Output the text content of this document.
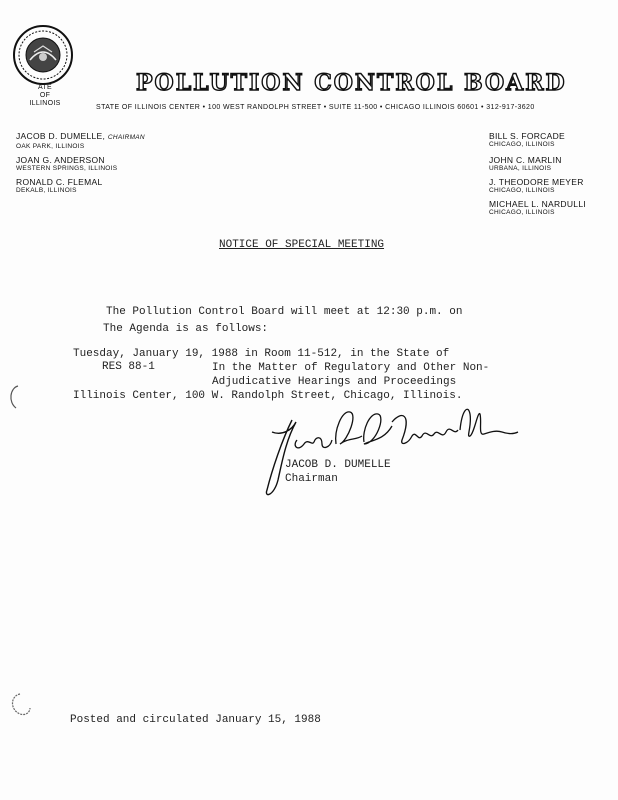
ATE
OF
ILLINOIS
POLLUTION CONTROL BOARD
STATE OF ILLINOIS CENTER • 100 WEST RANDOLPH STREET • SUITE 11-500 • CHICAGO ILLINOIS 60601 • 312-917-3620
JACOB D. DUMELLE, CHAIRMAN
OAK PARK, ILLINOIS
JOAN G. ANDERSON
WESTERN SPRINGS, ILLINOIS
RONALD C. FLEMAL
DEKALB, ILLINOIS
BILL S. FORCADE
CHICAGO, ILLINOIS
JOHN C. MARLIN
URBANA, ILLINOIS
J. THEODORE MEYER
CHICAGO, ILLINOIS
MICHAEL L. NARDULLI
CHICAGO, ILLINOIS
NOTICE OF SPECIAL MEETING

The Pollution Control Board will meet at 12:30 p.m. on

Tuesday, January 19, 1988 in Room 11-512, in the State of

Illinois Center, 100 W. Randolph Street, Chicago, Illinois.

The Agenda is as follows:
RES 88-1	In the Matter of Regulatory and Other Non-
Adjudicative Hearings and Proceedings
JACOB D. DUMELLE
Chairman
Posted and circulated January 15, 1988
